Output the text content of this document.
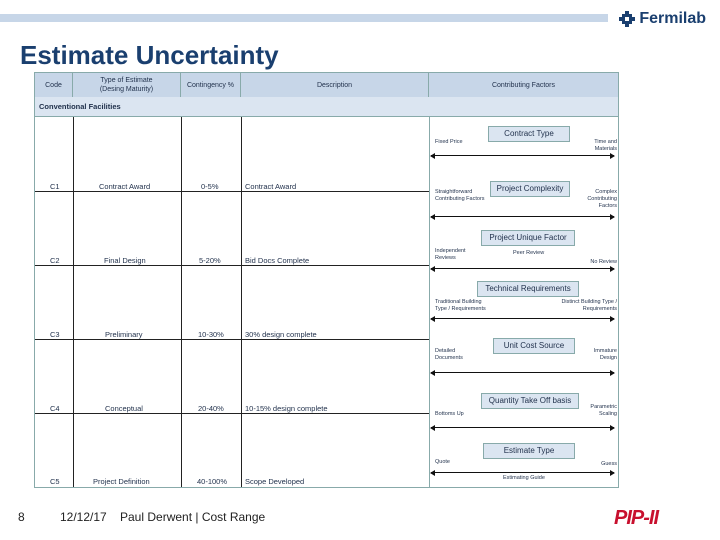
Fermilab
Estimate Uncertainty
Code
Type of Estimate
(Desing Maturity)
Contingency %	Description	Contributing Factors
Conventional Facilities
C1	Contract Award	0-5%	Contract Award
C2	Final Design	5-20%	Bid Docs Complete
C3	Preliminary	10-30%	30% design complete
C4	Conceptual	20-40%	10-15% design complete
C5	Project Definition	40-100% Scope Developed
Contract Type
Fixed Price	Time and Materials
Project Complexity
Straightforward Contributing Factors
Complex Contributing Factors
Project Unique Factor
Independent Reviews
Peer Review
No Review
Technical Requirements
Traditional Building Type / Requirements
Distinct Building Type / Requirements
Unit Cost Source
Detailed Documents
Immature Design
Quantity Take Off basis
Bottoms Up
Parametric Scaling
Estimate Type
Quote
Estimating Guide
Guess
8	12/12/17 Paul Derwent | Cost Range	PIP-II
